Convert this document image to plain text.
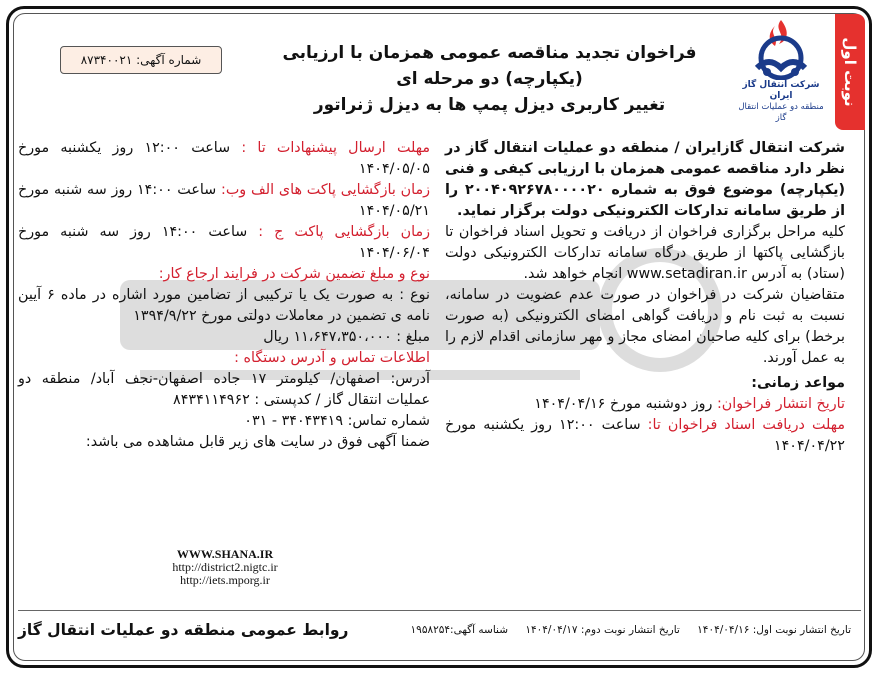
نوبت اول
شرکت انتقال گاز ایران
منطقه دو عملیات انتقال گاز
فراخوان تجدید مناقصه عمومی همزمان با ارزیابی (یکپارچه) دو مرحله ای
تغییر کاربری دیزل پمپ ها به دیزل ژنراتور
شماره آگهی: ۸۷۳۴۰۰۲۱
شرکت انتقال گازایران / منطقه دو عملیات انتقال گاز در نظر دارد مناقصه عمومی همزمان با ارزیابی کیفی و فنی (یکپارچه) موضوع فوق به شماره ۲۰۰۴۰۹۲۶۷۸۰۰۰۰۲۰ را از طریق سامانه تدارکات الکترونیکی دولت برگزار نماید.
کلیه مراحل برگزاری فراخوان از دریافت و تحویل اسناد فراخوان تا بازگشایی پاکتها از طریق درگاه سامانه تدارکات الکترونیکی دولت (ستاد) به آدرس www.setadiran.ir انجام خواهد شد.
متقاضیان شرکت در فراخوان در صورت عدم عضویت در سامانه، نسبت به ثبت نام و دریافت گواهی امضای الکترونیکی (به صورت برخط) برای کلیه صاحبان امضای مجاز و مهر سازمانی اقدام لازم را به عمل آورند.
مواعد زمانی:
تاریخ انتشار فراخوان: روز دوشنبه مورخ ۱۴۰۴/۰۴/۱۶
مهلت دریافت اسناد فراخوان تا: ساعت ۱۲:۰۰ روز یکشنبه مورخ ۱۴۰۴/۰۴/۲۲
مهلت ارسال پیشنهادات تا : ساعت ۱۲:۰۰ روز یکشنبه مورخ ۱۴۰۴/۰۵/۰۵
زمان بازگشایی پاکت های الف وب: ساعت ۱۴:۰۰ روز سه شنبه مورخ ۱۴۰۴/۰۵/۲۱
زمان بازگشایی پاکت ج : ساعت ۱۴:۰۰ روز سه شنبه مورخ ۱۴۰۴/۰۶/۰۴
نوع و مبلغ تضمین شرکت در فرایند ارجاع کار:
نوع : به صورت یک یا ترکیبی از تضامین مورد اشاره در ماده ۶ آیین نامه ی تضمین در معاملات دولتی مورخ ۱۳۹۴/۹/۲۲
مبلغ : ۱۱،۶۴۷،۳۵۰،۰۰۰ ریال
اطلاعات تماس و آدرس دستگاه :
آدرس: اصفهان/ کیلومتر ۱۷ جاده اصفهان-نجف آباد/ منطقه دو عملیات انتقال گاز / کدپستی : ۸۴۳۴۱۱۴۹۶۲
شماره تماس: ۳۴۰۴۳۴۱۹ - ۰۳۱
ضمنا آگهی فوق در سایت های زیر قابل مشاهده می باشد:
WWW.SHANA.IR
http://district2.nigtc.ir
http://iets.mporg.ir
تاریخ انتشار نوبت اول: ۱۴۰۴/۰۴/۱۶ تاریخ انتشار نوبت دوم: ۱۴۰۴/۰۴/۱۷ شناسه آگهی:۱۹۵۸۲۵۴
روابط عمومی منطقه دو عملیات انتقال گاز
